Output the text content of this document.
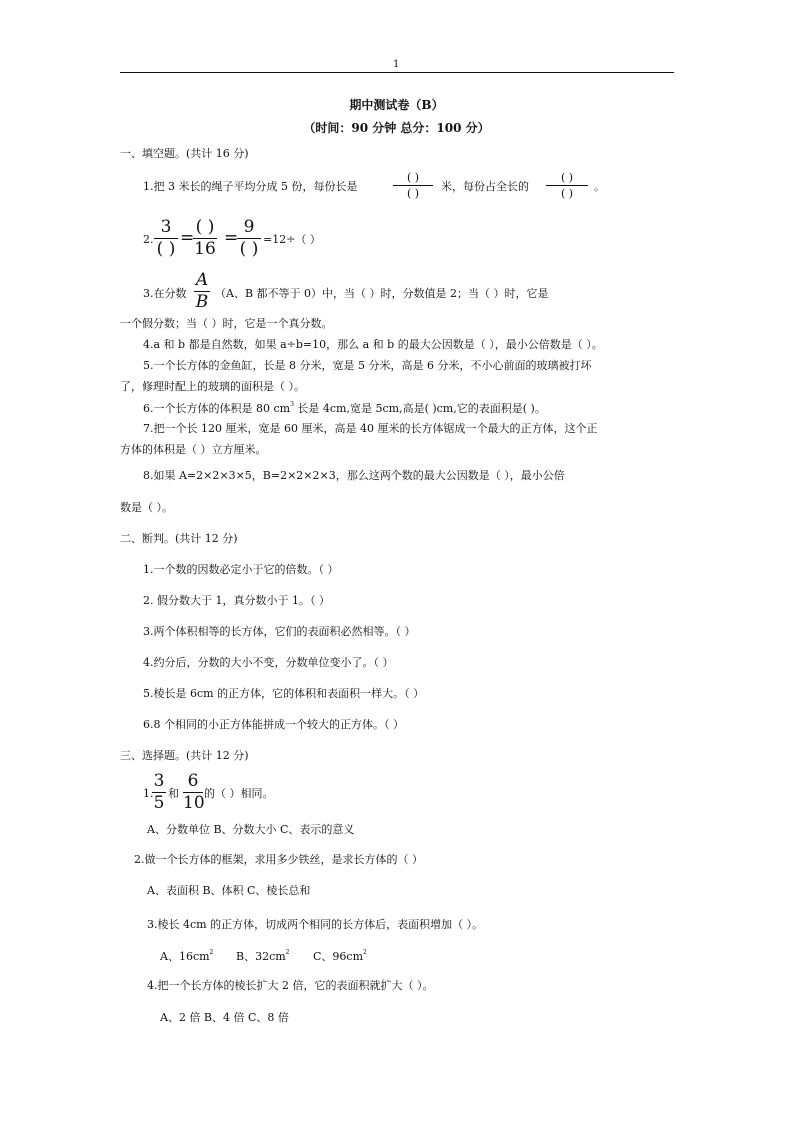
1
期中测试卷（B）
（时间：90 分钟 总分：100 分）
一、填空题。(共计 16 分)
1.把 3 米长的绳子平均分成 5 份，每份长是
( )
( )
米，每份占全长的
( )
( )
。
2.
3
( )
=
( )
16
=
9
( ) =12÷（ ）
3.在分数
A
B （A、B 都不等于 0）中，当（ ）时，分数值是 2；当（ ）时，它是
一个假分数；当（ ）时，它是一个真分数。
4.a 和 b 都是自然数，如果 a÷b=10，那么 a 和 b 的最大公因数是（ ），最小公倍数是（ ）。
5.一个长方体的金鱼缸，长是 8 分米，宽是 5 分米，高是 6 分米，不小心前面的玻璃被打坏
了，修理时配上的玻璃的面积是（ ）。
6.一个长方体的体积是 80 $cm^3$ 长是 4cm,宽是 5cm,高是( )cm,它的表面积是( )。
7.把一个长 120 厘米，宽是 60 厘米，高是 40 厘米的长方体锯成一个最大的正方体，这个正
方体的体积是（ ）立方厘米。
8.如果 A=2×2×3×5，B=2×2×2×3，那么这两个数的最大公因数是（ ），最小公倍
数是（ ）。
二、断判。(共计 12 分)
1.一个数的因数必定小于它的倍数。（ ）
2. 假分数大于 1，真分数小于 1。（ ）
3.两个体积相等的长方体，它们的表面积必然相等。（ ）
4.约分后，分数的大小不变，分数单位变小了。（ ）
5.棱长是 6cm 的正方体，它的体积和表面积一样大。（ ）
6.8 个相同的小正方体能拼成一个较大的正方体。（ ）
三、选择题。(共计 12 分)
1.
3
5 和
6
10 的（ ）相同。
A、分数单位 B、分数大小 C、表示的意义
2.做一个长方体的框架，求用多少铁丝，是求长方体的（ ）
A、表面积 B、体积 C、棱长总和
3.棱长 4cm 的正方体，切成两个相同的长方体后，表面积增加（ ）。
A、$16cm^2$ B、$32cm^2$ C、$96cm^2$
4.把一个长方体的棱长扩大 2 倍，它的表面积就扩大（ ）。
A、2 倍 B、4 倍 C、8 倍
